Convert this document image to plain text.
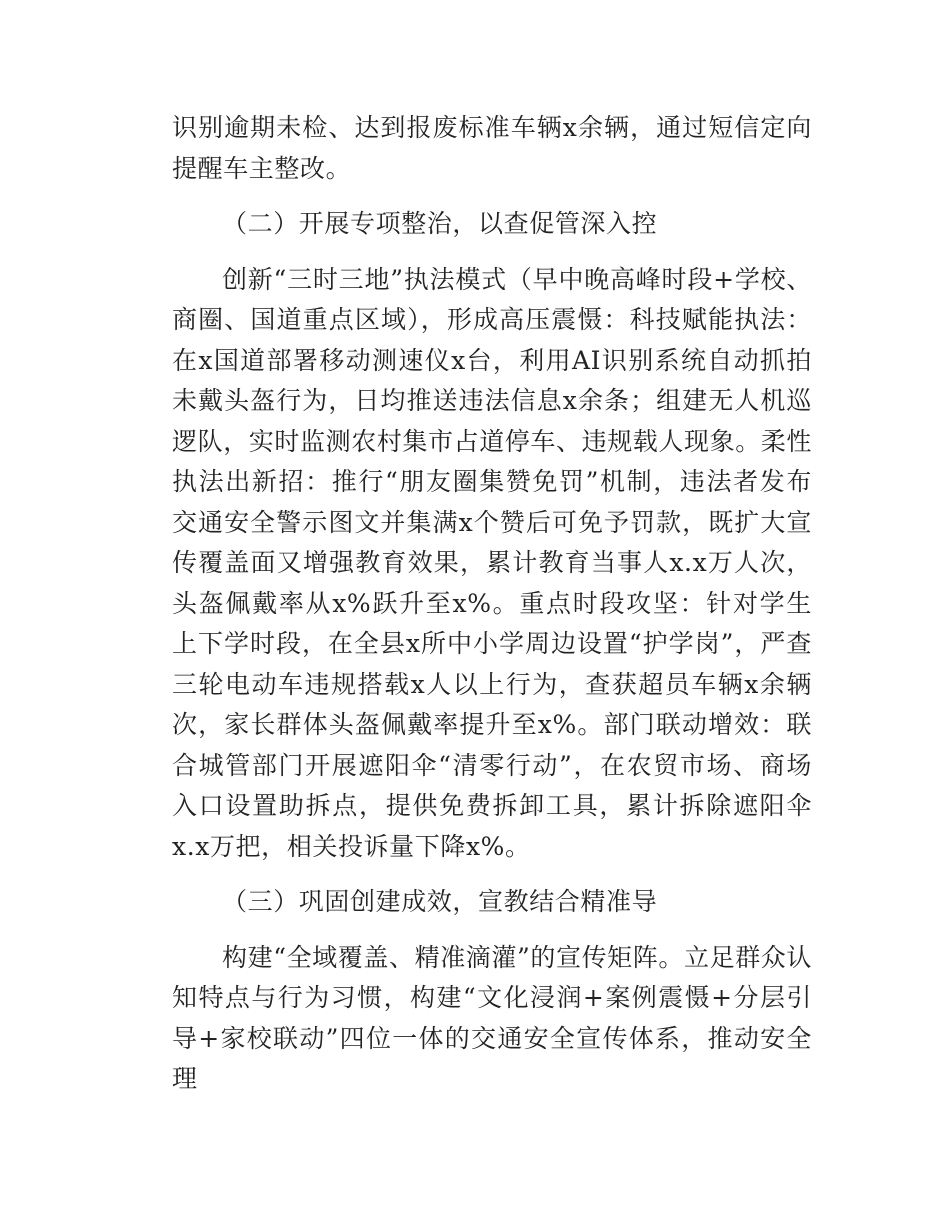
识别逾期未检、达到报废标准车辆x余辆，通过短信定向提醒车主整改。

（二）开展专项整治，以查促管深入控

创新“三时三地”执法模式（早中晚高峰时段+学校、商圈、国道重点区域），形成高压震慑：科技赋能执法：在x国道部署移动测速仪x台，利用AI识别系统自动抓拍未戴头盔行为，日均推送违法信息x余条；组建无人机巡逻队，实时监测农村集市占道停车、违规载人现象。柔性执法出新招：推行“朋友圈集赞免罚”机制，违法者发布交通安全警示图文并集满x个赞后可免予罚款，既扩大宣传覆盖面又增强教育效果，累计教育当事人x.x万人次，头盔佩戴率从x%跃升至x%。重点时段攻坚：针对学生上下学时段，在全县x所中小学周边设置“护学岗”，严查三轮电动车违规搭载x人以上行为，查获超员车辆x余辆次，家长群体头盔佩戴率提升至x%。部门联动增效：联合城管部门开展遮阳伞“清零行动”，在农贸市场、商场入口设置助拆点，提供免费拆卸工具，累计拆除遮阳伞x.x万把，相关投诉量下降x%。

（三）巩固创建成效，宣教结合精准导

构建“全域覆盖、精准滴灌”的宣传矩阵。立足群众认知特点与行为习惯，构建“文化浸润+案例震慑+分层引导+家校联动”四位一体的交通安全宣传体系，推动安全理
